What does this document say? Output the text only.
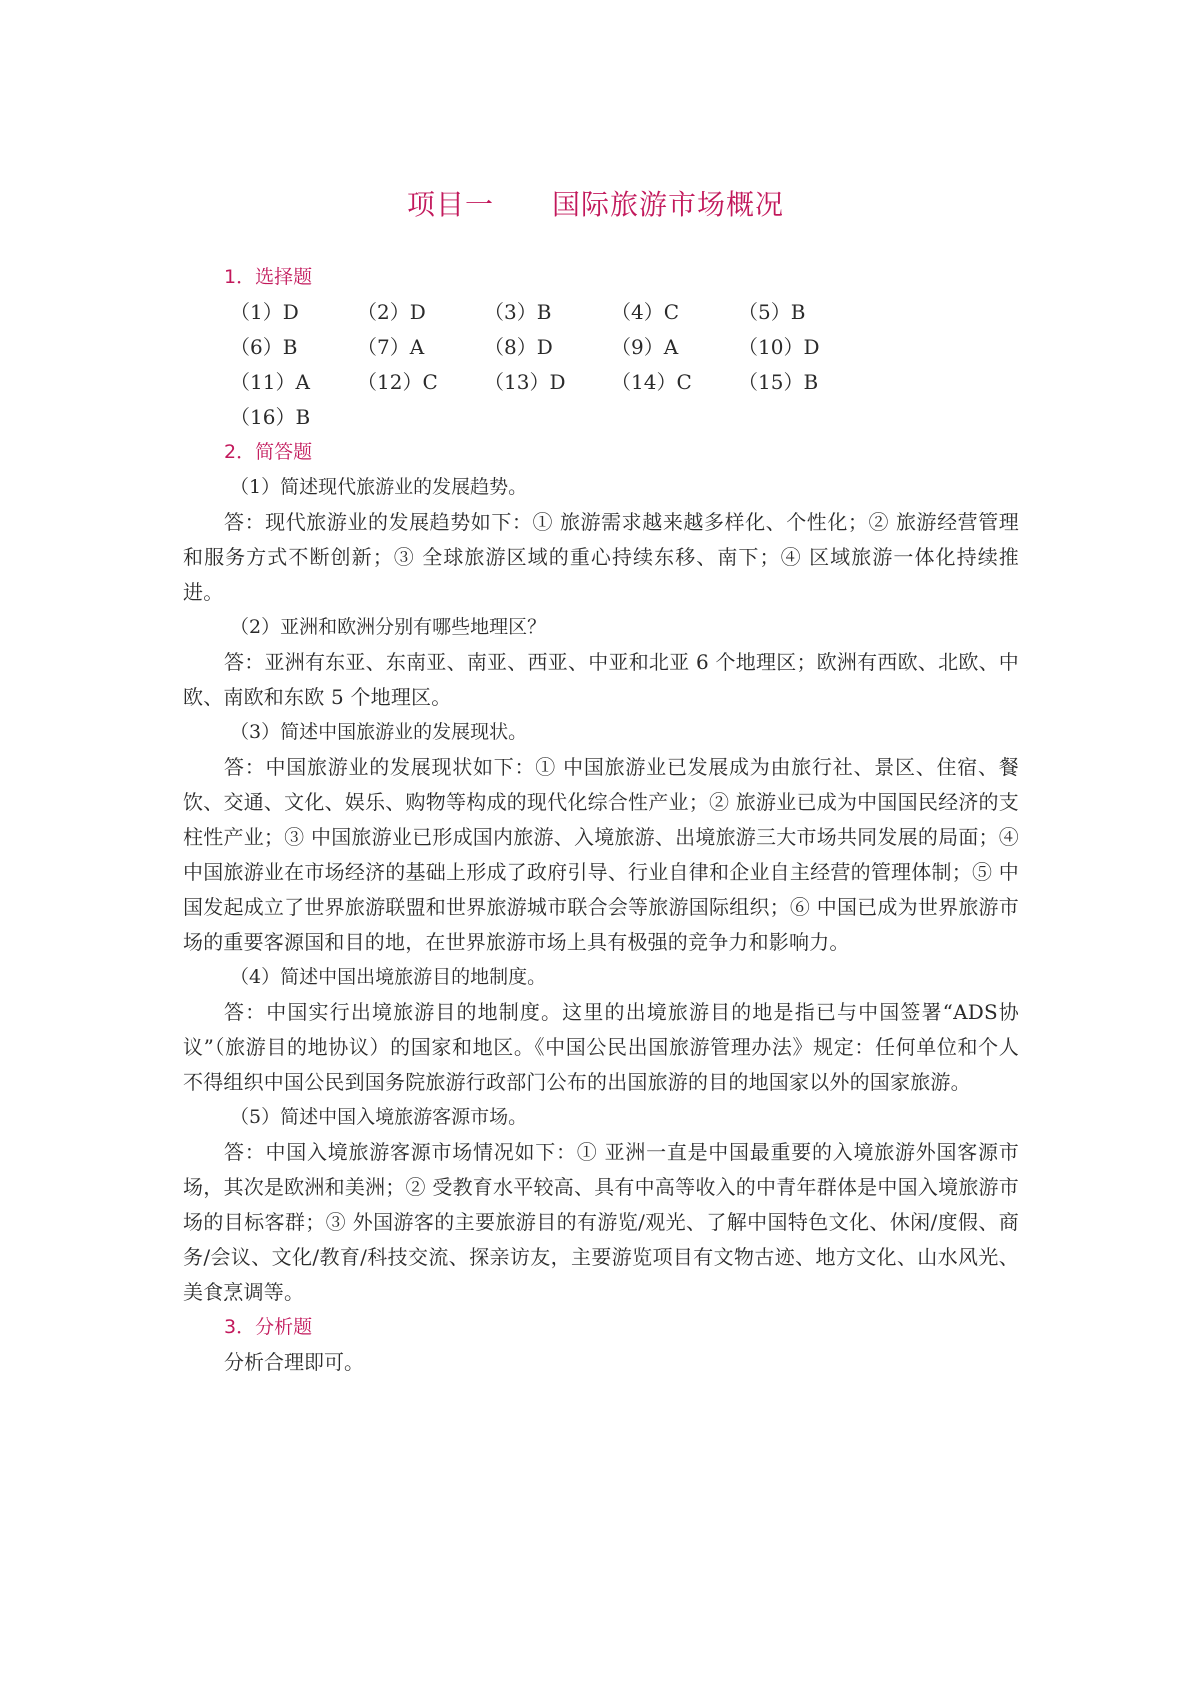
项目一　　国际旅游市场概况
1．选择题
（1）D	（2）D	（3）B	（4）C	（5）B
（6）B	（7）A	（8）D	（9）A	（10）D
（11）A	（12）C	（13）D	（14）C	（15）B
（16）B
2．简答题
（1）简述现代旅游业的发展趋势。
答：现代旅游业的发展趋势如下：① 旅游需求越来越多样化、个性化；② 旅游经营管理和服务方式不断创新；③ 全球旅游区域的重心持续东移、南下；④ 区域旅游一体化持续推进。
（2）亚洲和欧洲分别有哪些地理区？
答：亚洲有东亚、东南亚、南亚、西亚、中亚和北亚 6 个地理区；欧洲有西欧、北欧、中欧、南欧和东欧 5 个地理区。
（3）简述中国旅游业的发展现状。
答：中国旅游业的发展现状如下：① 中国旅游业已发展成为由旅行社、景区、住宿、餐饮、交通、文化、娱乐、购物等构成的现代化综合性产业；② 旅游业已成为中国国民经济的支柱性产业；③ 中国旅游业已形成国内旅游、入境旅游、出境旅游三大市场共同发展的局面；④ 中国旅游业在市场经济的基础上形成了政府引导、行业自律和企业自主经营的管理体制；⑤ 中国发起成立了世界旅游联盟和世界旅游城市联合会等旅游国际组织；⑥ 中国已成为世界旅游市场的重要客源国和目的地，在世界旅游市场上具有极强的竞争力和影响力。
（4）简述中国出境旅游目的地制度。
答：中国实行出境旅游目的地制度。这里的出境旅游目的地是指已与中国签署“ADS协议”（旅游目的地协议）的国家和地区。《中国公民出国旅游管理办法》规定：任何单位和个人不得组织中国公民到国务院旅游行政部门公布的出国旅游的目的地国家以外的国家旅游。
（5）简述中国入境旅游客源市场。
答：中国入境旅游客源市场情况如下：① 亚洲一直是中国最重要的入境旅游外国客源市场，其次是欧洲和美洲；② 受教育水平较高、具有中高等收入的中青年群体是中国入境旅游市场的目标客群；③ 外国游客的主要旅游目的有游览/观光、了解中国特色文化、休闲/度假、商务/会议、文化/教育/科技交流、探亲访友，主要游览项目有文物古迹、地方文化、山水风光、美食烹调等。
3．分析题
分析合理即可。
